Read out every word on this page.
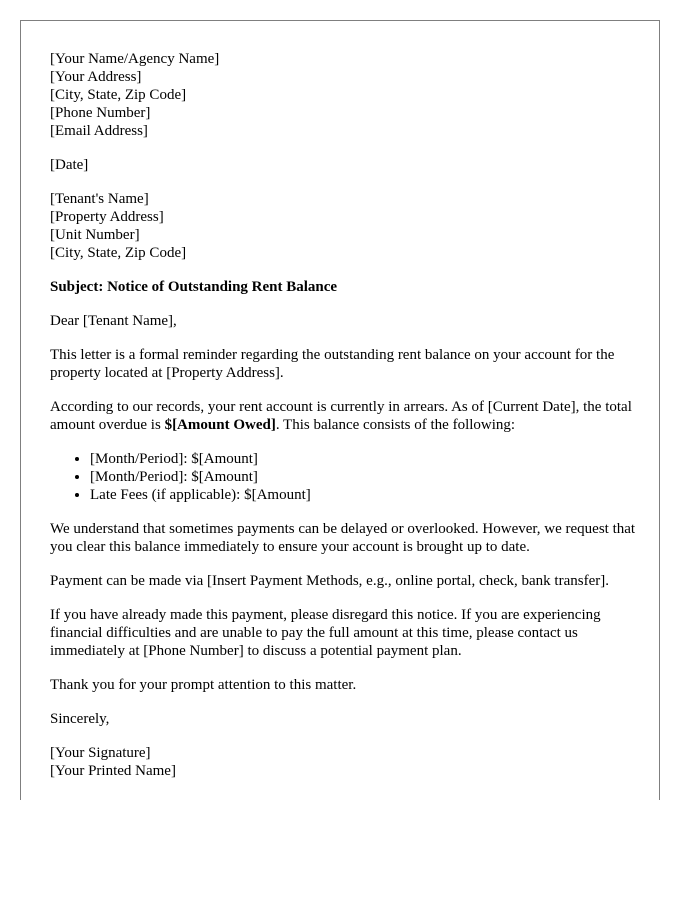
[Your Name/Agency Name]
[Your Address]
[City, State, Zip Code]
[Phone Number]
[Email Address]

[Date]

[Tenant's Name]
[Property Address]
[Unit Number]
[City, State, Zip Code]

Subject: Notice of Outstanding Rent Balance

Dear [Tenant Name],

This letter is a formal reminder regarding the outstanding rent balance on your account for the property located at [Property Address].

According to our records, your rent account is currently in arrears. As of [Current Date], the total amount overdue is $[Amount Owed]. This balance consists of the following:

• [Month/Period]: $[Amount]
• [Month/Period]: $[Amount]
• Late Fees (if applicable): $[Amount]

We understand that sometimes payments can be delayed or overlooked. However, we request that you clear this balance immediately to ensure your account is brought up to date.

Payment can be made via [Insert Payment Methods, e.g., online portal, check, bank transfer].

If you have already made this payment, please disregard this notice. If you are experiencing financial difficulties and are unable to pay the full amount at this time, please contact us immediately at [Phone Number] to discuss a potential payment plan.

Thank you for your prompt attention to this matter.

Sincerely,

[Your Signature]
[Your Printed Name]
